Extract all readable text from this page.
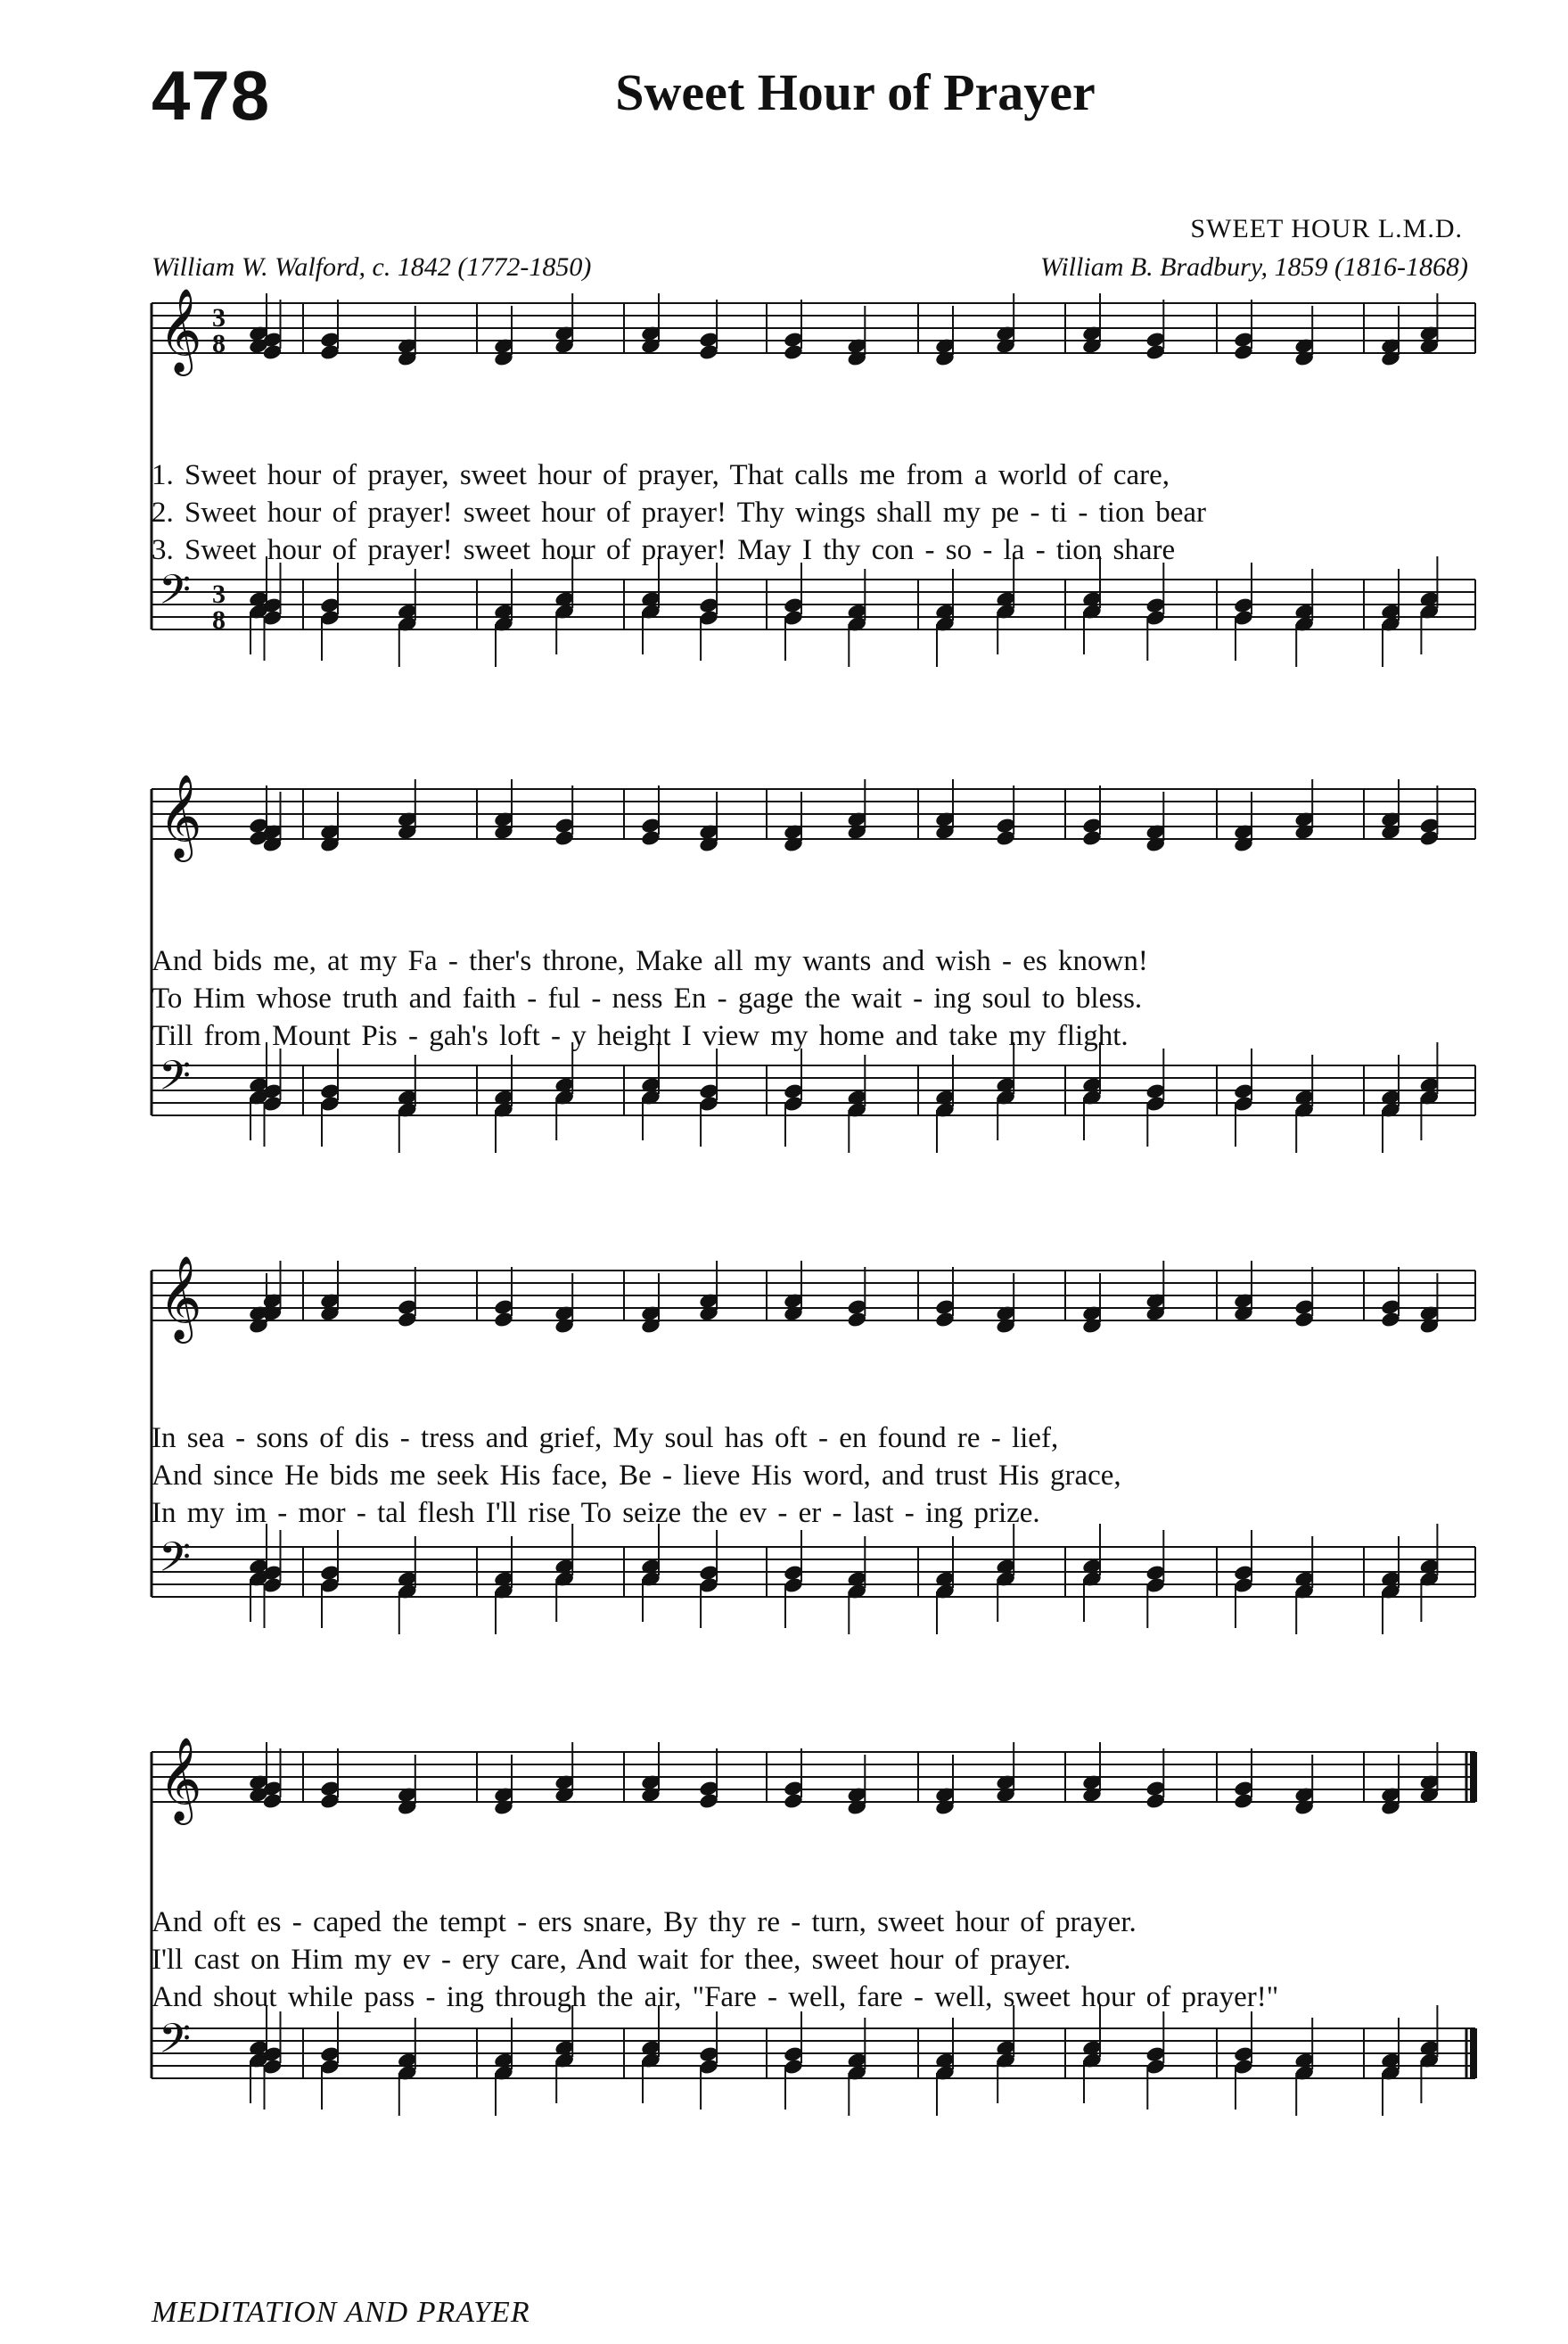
478	Sweet Hour of Prayer
SWEET HOUR L.M.D.
William W. Walford, c. 1842 (1772-1850)	William B. Bradbury, 1859 (1816-1868)
𝄞 3
8
𝄢 3
8
1. Sweet hour of prayer, sweet hour of prayer, That calls me from a world of care,
2. Sweet hour of prayer! sweet hour of prayer! Thy wings shall my pe - ti - tion bear
3. Sweet hour of prayer! sweet hour of prayer! May I thy con - so - la - tion share
𝄞
𝄢
And bids me, at my Fa - ther's throne, Make all my wants and wish - es known!
To Him whose truth and faith - ful - ness En - gage the wait - ing soul to bless.
Till from Mount Pis - gah's loft - y height I view my home and take my flight.
𝄞
𝄢
In sea - sons of dis - tress and grief, My soul has oft - en found re - lief,
And since He bids me seek His face, Be - lieve His word, and trust His grace,
In my im - mor - tal flesh I'll rise To seize the ev - er - last - ing prize.
𝄞
𝄢
And oft es - caped the tempt - ers snare, By thy re - turn, sweet hour of prayer.
I'll cast on Him my ev - ery care, And wait for thee, sweet hour of prayer.
And shout while pass - ing through the air, "Fare - well, fare - well, sweet hour of prayer!"
MEDITATION AND PRAYER
